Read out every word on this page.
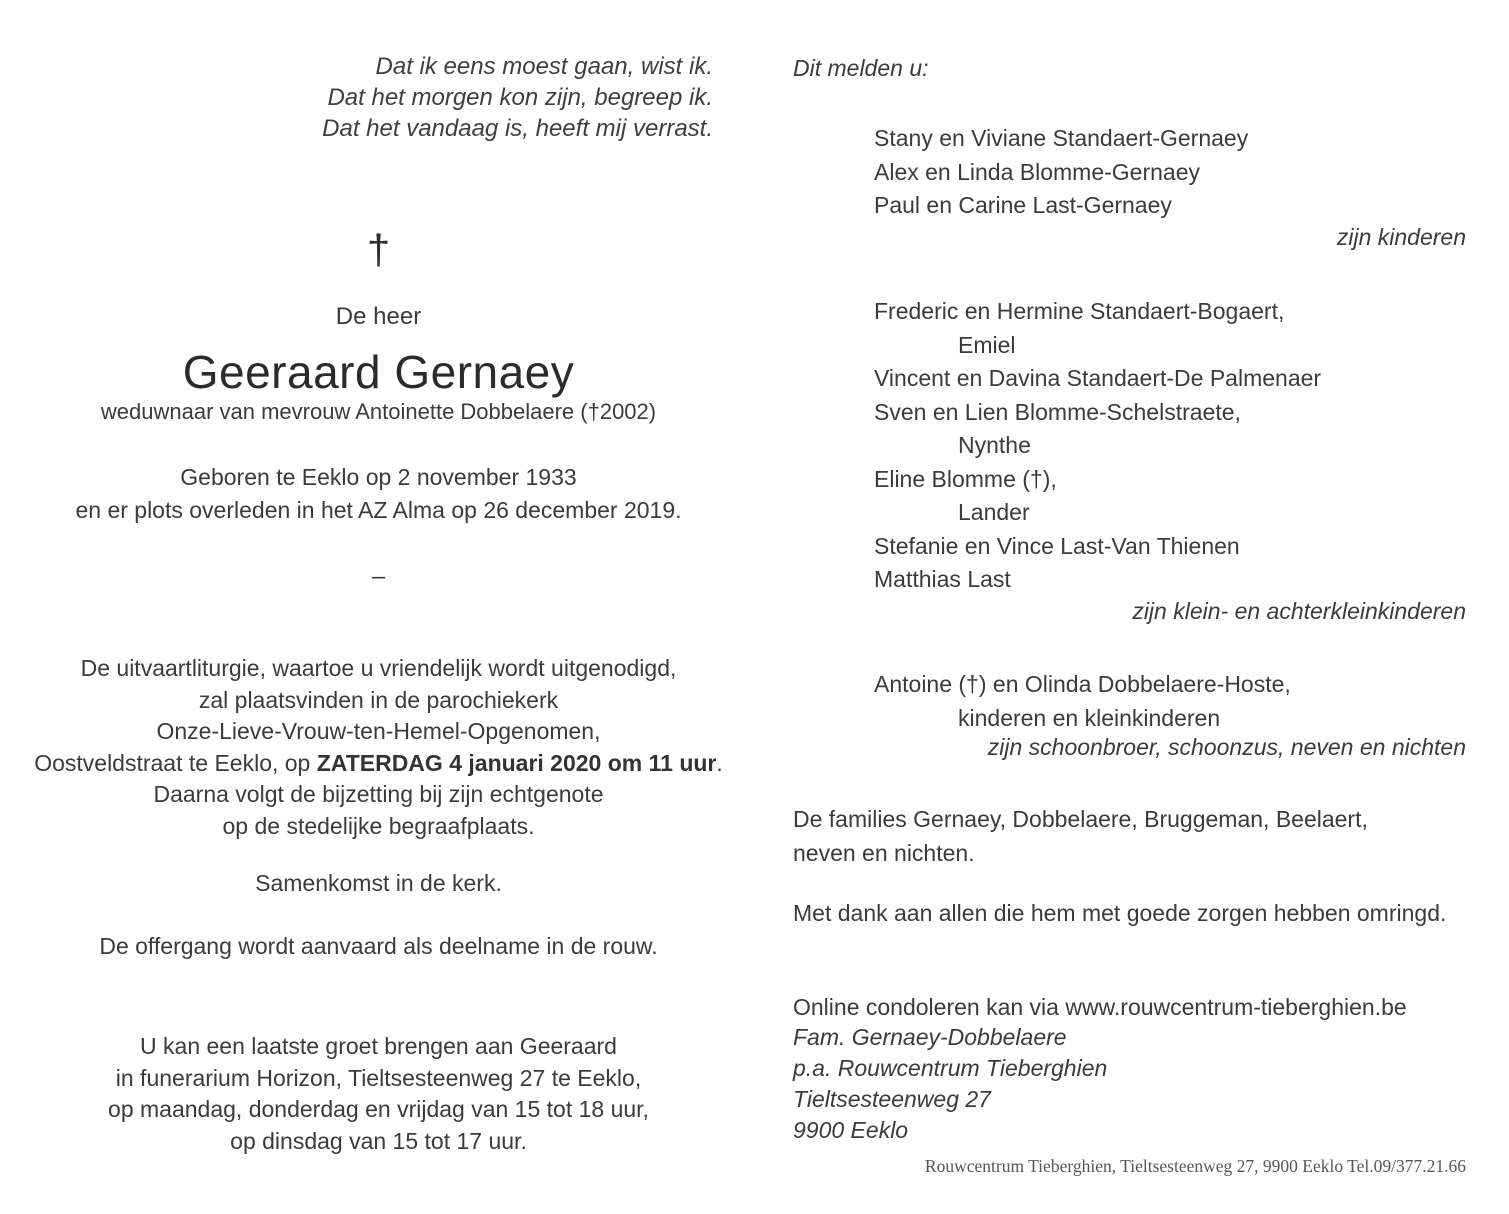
Dat ik eens moest gaan, wist ik.
Dat het morgen kon zijn, begreep ik.
Dat het vandaag is, heeft mij verrast.
†
De heer
Geeraard Gernaey
weduwnaar van mevrouw Antoinette Dobbelaere (†2002)
Geboren te Eeklo op 2 november 1933
en er plots overleden in het AZ Alma op 26 december 2019.
–
De uitvaartliturgie, waartoe u vriendelijk wordt uitgenodigd,
zal plaatsvinden in de parochiekerk
Onze-Lieve-Vrouw-ten-Hemel-Opgenomen,
Oostveldstraat te Eeklo, op ZATERDAG 4 januari 2020 om 11 uur.
Daarna volgt de bijzetting bij zijn echtgenote
op de stedelijke begraafplaats.
Samenkomst in de kerk.
De offergang wordt aanvaard als deelname in de rouw.
U kan een laatste groet brengen aan Geeraard
in funerarium Horizon, Tieltsesteenweg 27 te Eeklo,
op maandag, donderdag en vrijdag van 15 tot 18 uur,
op dinsdag van 15 tot 17 uur.
Dit melden u:
Stany en Viviane Standaert-Gernaey
Alex en Linda Blomme-Gernaey
Paul en Carine Last-Gernaey
zijn kinderen
Frederic en Hermine Standaert-Bogaert,
Emiel
Vincent en Davina Standaert-De Palmenaer
Sven en Lien Blomme-Schelstraete,
Nynthe
Eline Blomme (†),
Lander
Stefanie en Vince Last-Van Thienen
Matthias Last
zijn klein- en achterkleinkinderen
Antoine (†) en Olinda Dobbelaere-Hoste,
kinderen en kleinkinderen
zijn schoonbroer, schoonzus, neven en nichten
De families Gernaey, Dobbelaere, Bruggeman, Beelaert,
neven en nichten.
Met dank aan allen die hem met goede zorgen hebben omringd.
Online condoleren kan via www.rouwcentrum-tieberghien.be
Fam. Gernaey-Dobbelaere
p.a. Rouwcentrum Tieberghien
Tieltsesteenweg 27
9900 Eeklo
Rouwcentrum Tieberghien, Tieltsesteenweg 27, 9900 Eeklo Tel.09/377.21.66
